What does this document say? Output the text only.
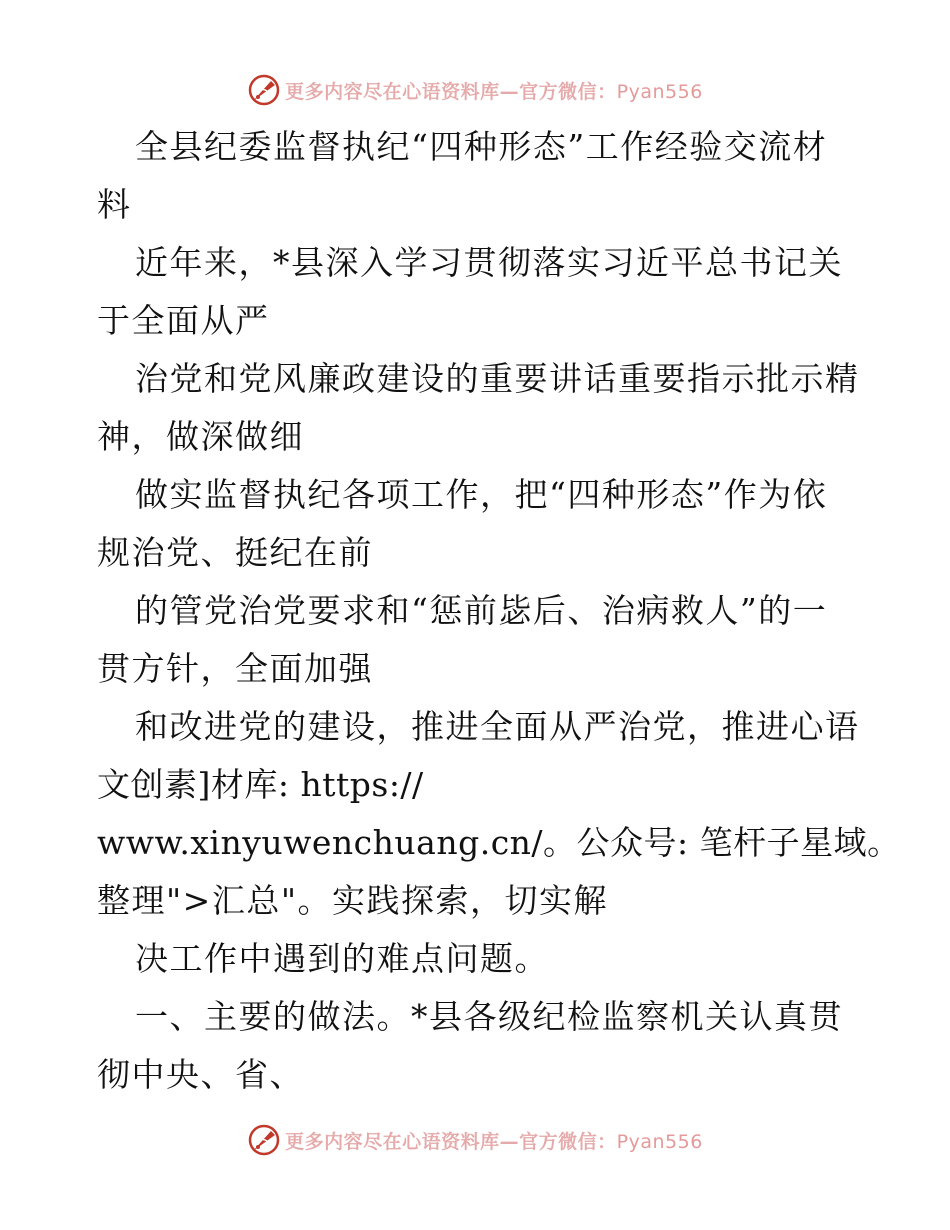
更多内容尽在心语资料库—官方微信：Pyan556
全县纪委监督执纪“四种形态”工作经验交流材
料
近年来，*县深入学习贯彻落实习近平总书记关
于全面从严
治党和党风廉政建设的重要讲话重要指示批示精
神，做深做细
做实监督执纪各项工作，把“四种形态”作为依
规治党、挺纪在前
的管党治党要求和“惩前毖后、治病救人”的一
贯方针，全面加强
和改进党的建设，推进全面从严治党，推进心语
文创素]材库: https://
www.xinyuwenchuang.cn/。公众号: 笔杆子星域。
整理">汇总"。实践探索，切实解
决工作中遇到的难点问题。
一、主要的做法。*县各级纪检监察机关认真贯
彻中央、省、
更多内容尽在心语资料库—官方微信：Pyan556
